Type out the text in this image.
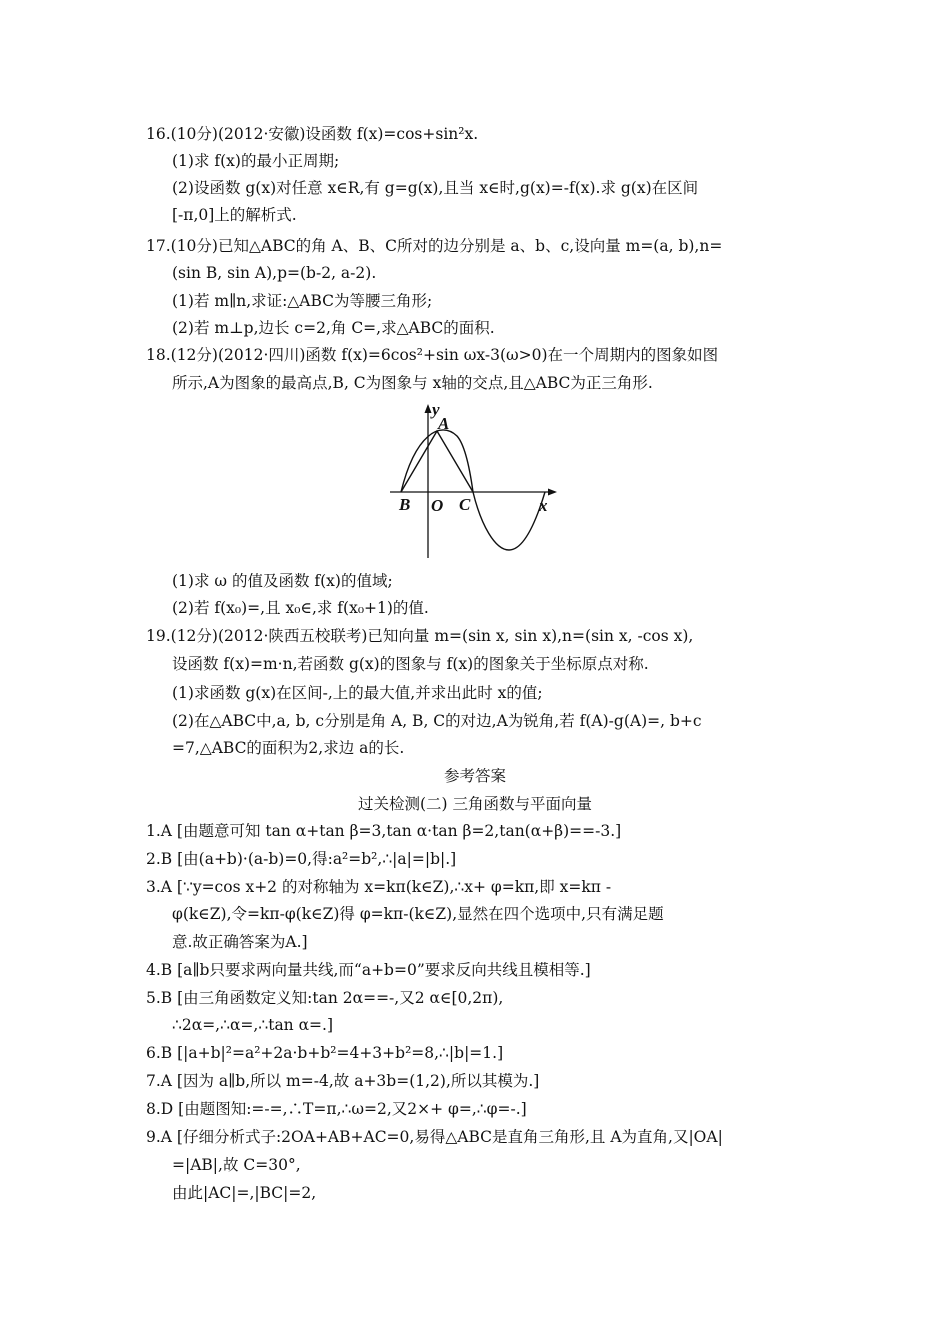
16.(10分)(2012·安徽)设函数 f(x)=cos+sin²x.
(1)求 f(x)的最小正周期;
(2)设函数 g(x)对任意 x∈R,有 g=g(x),且当 x∈时,g(x)=-f(x).求 g(x)在区间
[-π,0]上的解析式.
17.(10分)已知△ABC的角 A、B、C所对的边分别是 a、b、c,设向量 m=(a, b),n=
(sin B, sin A),p=(b-2, a-2).
(1)若 m∥n,求证:△ABC为等腰三角形;
(2)若 m⊥p,边长 c=2,角 C=,求△ABC的面积.
18.(12分)(2012·四川)函数 f(x)=6cos²+sin ωx-3(ω>0)在一个周期内的图象如图
所示,A为图象的最高点,B, C为图象与 x轴的交点,且△ABC为正三角形.
y
A
B O C	x
(1)求 ω 的值及函数 f(x)的值域;
(2)若 f(x₀)=,且 x₀∈,求 f(x₀+1)的值.
19.(12分)(2012·陕西五校联考)已知向量 m=(sin x, sin x),n=(sin x, -cos x),
设函数 f(x)=m·n,若函数 g(x)的图象与 f(x)的图象关于坐标原点对称.
(1)求函数 g(x)在区间-,上的最大值,并求出此时 x的值;
(2)在△ABC中,a, b, c分别是角 A, B, C的对边,A为锐角,若 f(A)-g(A)=, b+c
=7,△ABC的面积为2,求边 a的长.
参考答案
过关检测(二) 三角函数与平面向量
1.A [由题意可知 tan α+tan β=3,tan α·tan β=2,tan(α+β)==-3.]
2.B [由(a+b)·(a-b)=0,得:a²=b²,∴|a|=|b|.]
3.A [∵y=cos x+2 的对称轴为 x=kπ(k∈Z),∴x+ φ=kπ,即 x=kπ -
φ(k∈Z),令=kπ-φ(k∈Z)得 φ=kπ-(k∈Z),显然在四个选项中,只有满足题
意.故正确答案为A.]
4.B [a∥b只要求两向量共线,而“a+b=0”要求反向共线且模相等.]
5.B [由三角函数定义知:tan 2α==-,又2 α∈[0,2π),
∴2α=,∴α=,∴tan α=.]
6.B [|a+b|²=a²+2a·b+b²=4+3+b²=8,∴|b|=1.]
7.A [因为 a∥b,所以 m=-4,故 a+3b=(1,2),所以其模为.]
8.D [由题图知:=-=,∴T=π,∴ω=2,又2×+ φ=,∴φ=-.]
9.A [仔细分析式子:2OA+AB+AC=0,易得△ABC是直角三角形,且 A为直角,又|OA|
=|AB|,故 C=30°,
由此|AC|=,|BC|=2,
